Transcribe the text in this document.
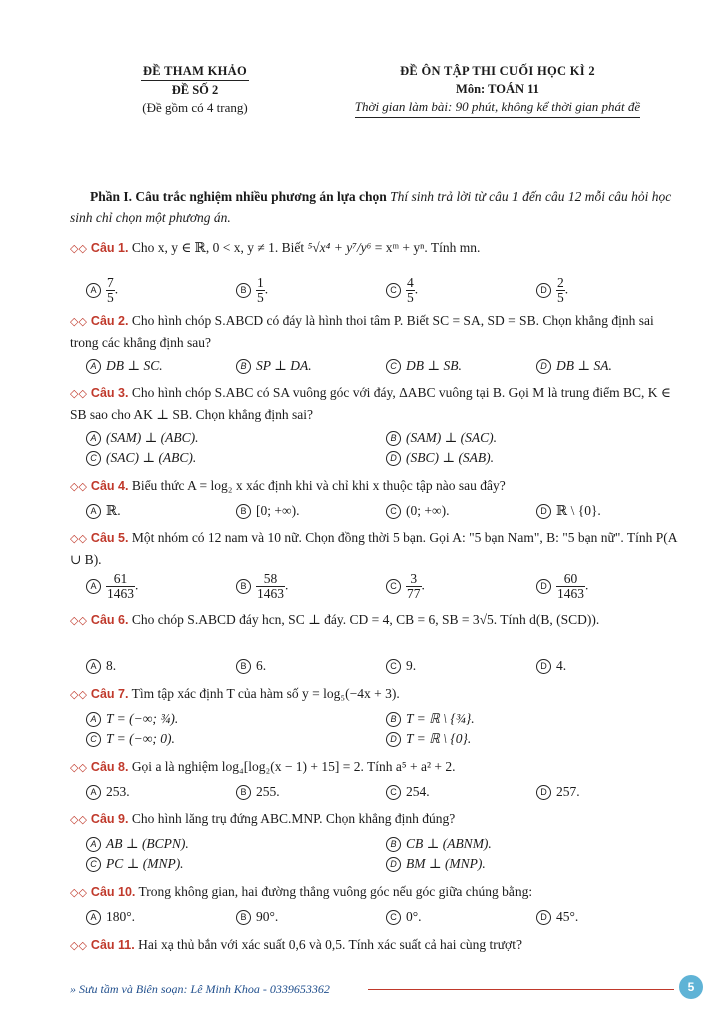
ĐỀ THAM KHẢO
ĐỀ SỐ 2
(Đề gồm có 4 trang)
ĐỀ ÔN TẬP THI CUỐI HỌC KÌ 2
Môn: TOÁN 11
Thời gian làm bài: 90 phút, không kể thời gian phát đề
Phần I. Câu trắc nghiệm nhiều phương án lựa chọn Thí sinh trả lời từ câu 1 đến câu 12 mỗi câu hỏi học sinh chỉ chọn một phương án.
◇◇ Câu 1. Cho x, y ∈ ℝ, 0 < x, y ≠ 1. Biết ⁵√x⁴ + y⁷/y⁶ = xᵐ + yⁿ. Tính mn.
A $\frac{7}{5}$ .	B $\frac{1}{5}$ .	C $\frac{4}{5}$ .	D $\frac{2}{5}$ .
◇◇ Câu 2. Cho hình chóp S.ABCD có đáy là hình thoi tâm P. Biết SC = SA, SD = SB. Chọn khẳng định sai trong các khẳng định sau?
A DB ⊥ SC.	B SP ⊥ DA.	C DB ⊥ SB.	D DB ⊥ SA.
◇◇ Câu 3. Cho hình chóp S.ABC có SA vuông góc với đáy, ΔABC vuông tại B. Gọi M là trung điểm BC, K ∈ SB sao cho AK ⊥ SB. Chọn khẳng định sai?
A (SAM) ⊥ (ABC).	B (SAM) ⊥ (SAC).
C (SAC) ⊥ (ABC).	D (SBC) ⊥ (SAB).
◇◇ Câu 4. Biểu thức A = log₂ x xác định khi và chỉ khi x thuộc tập nào sau đây?
A ℝ.	B [0; +∞).	C (0; +∞).	D ℝ \ {0}.
◇◇ Câu 5. Một nhóm có 12 nam và 10 nữ. Chọn đồng thời 5 bạn. Gọi A: "5 bạn Nam", B: "5 bạn nữ". Tính P(A ∪ B).
A $\frac{61}{1463}$ .	B $\frac{58}{1463}$ .	C $\frac{3}{77}$ .	D $\frac{60}{1463}$ .
◇◇ Câu 6. Cho chóp S.ABCD đáy hcn, SC ⊥ đáy. CD = 4, CB = 6, SB = 3√5. Tính d(B, (SCD)).
A 8.	B 6.	C 9.	D 4.
◇◇ Câu 7. Tìm tập xác định T của hàm số y = log₅(−4x + 3).
A T = (−∞; ¾).	B T = ℝ \ {¾}.
C T = (−∞; 0).	D T = ℝ \ {0}.
◇◇ Câu 8. Gọi a là nghiệm log₄[log₂(x − 1) + 15] = 2. Tính a⁵ + a² + 2.
A 253.	B 255.	C 254.	D 257.
◇◇ Câu 9. Cho hình lăng trụ đứng ABC.MNP. Chọn khẳng định đúng?
A AB ⊥ (BCPN).	B CB ⊥ (ABNM).
C PC ⊥ (MNP).	D BM ⊥ (MNP).
◇◇ Câu 10. Trong không gian, hai đường thẳng vuông góc nếu góc giữa chúng bằng:
A 180°.	B 90°.	C 0°.	D 45°.
◇◇ Câu 11. Hai xạ thủ bắn với xác suất 0,6 và 0,5. Tính xác suất cả hai cùng trượt?
» Sưu tầm và Biên soạn: Lê Minh Khoa - 0339653362	5
